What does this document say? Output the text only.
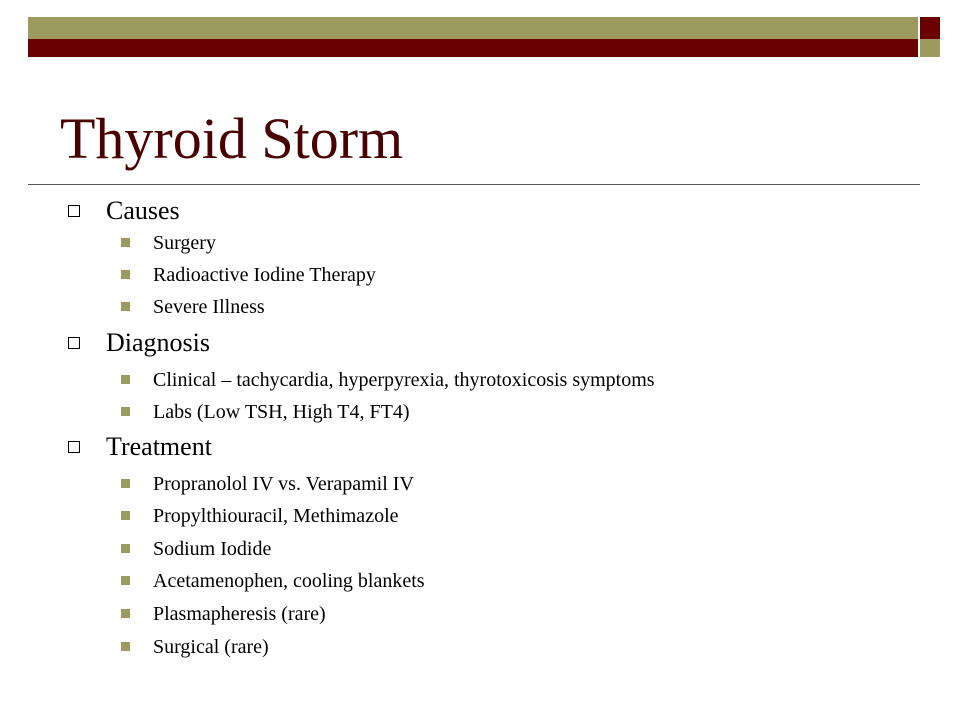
Thyroid Storm
Causes
Surgery
Radioactive Iodine Therapy
Severe Illness
Diagnosis
Clinical – tachycardia, hyperpyrexia, thyrotoxicosis symptoms
Labs (Low TSH, High T4, FT4)
Treatment
Propranolol IV vs. Verapamil IV
Propylthiouracil, Methimazole
Sodium Iodide
Acetamenophen, cooling blankets
Plasmapheresis (rare)
Surgical (rare)
